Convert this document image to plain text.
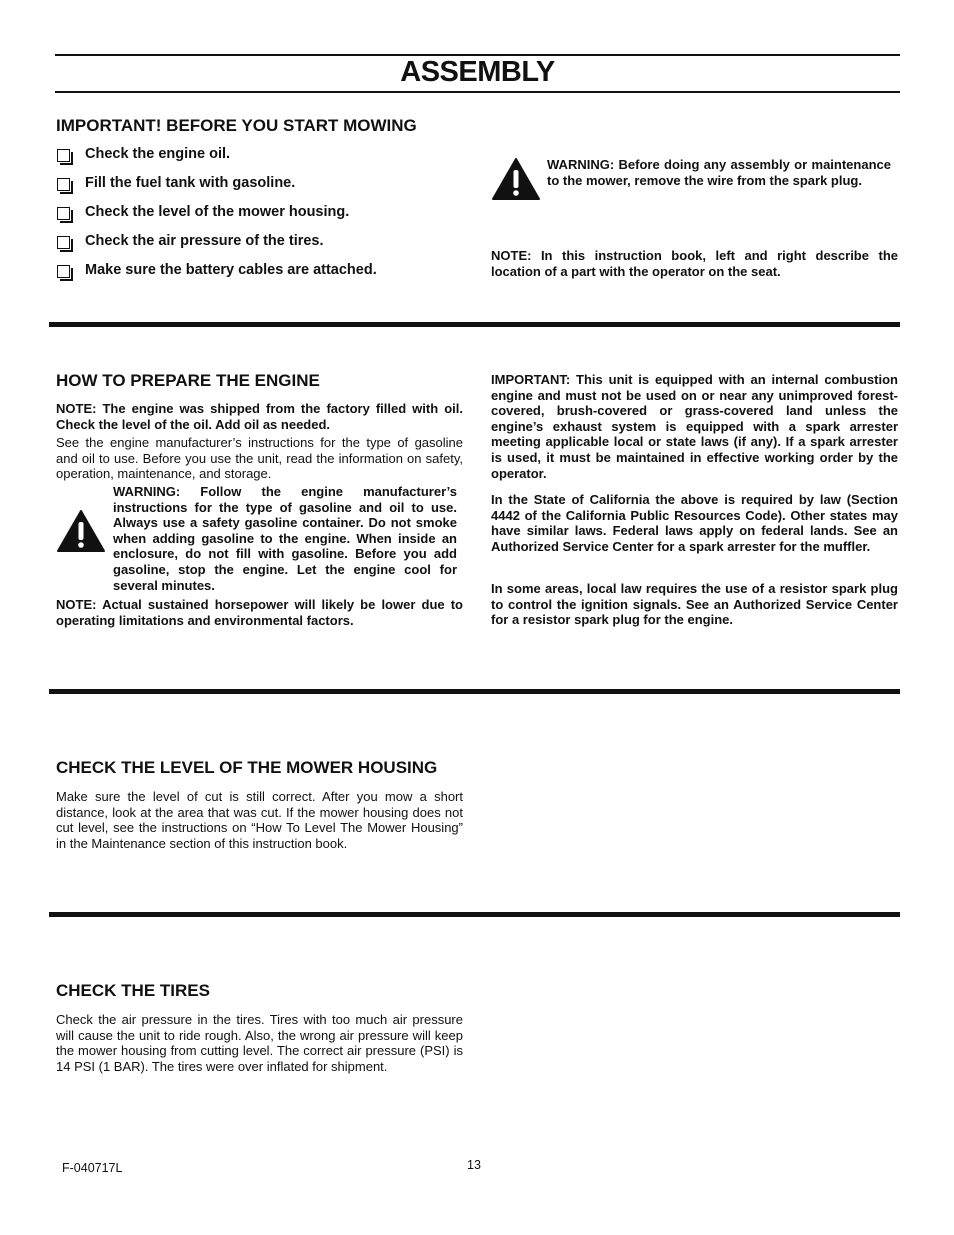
ASSEMBLY
IMPORTANT! BEFORE YOU START MOWING
Check the engine oil.
Fill the fuel tank with gasoline.
Check the level of the mower housing.
Check the air pressure of the tires.
Make sure the battery cables are attached.
WARNING: Before doing any assembly or maintenance to the mower, remove the wire from the spark plug.
NOTE: In this instruction book, left and right describe the location of a part with the operator on the seat.
HOW TO PREPARE THE ENGINE
NOTE: The engine was shipped from the factory filled with oil. Check the level of the oil. Add oil as needed.
See the engine manufacturer’s instructions for the type of gasoline and oil to use. Before you use the unit, read the information on safety, operation, maintenance, and storage.
WARNING: Follow the engine manufacturer’s instructions for the type of gasoline and oil to use. Always use a safety gasoline container. Do not smoke when adding gasoline to the engine. When inside an enclosure, do not fill with gasoline. Before you add gasoline, stop the engine. Let the engine cool for several minutes.
NOTE: Actual sustained horsepower will likely be lower due to operating limitations and environmental factors.
IMPORTANT: This unit is equipped with an internal combustion engine and must not be used on or near any unimproved forest-covered, brush-covered or grass-covered land unless the engine’s exhaust system is equipped with a spark arrester meeting applicable local or state laws (if any). If a spark arrester is used, it must be maintained in effective working order by the operator.
In the State of California the above is required by law (Section 4442 of the California Public Resources Code). Other states may have similar laws. Federal laws apply on federal lands. See an Authorized Service Center for a spark arrester for the muffler.
In some areas, local law requires the use of a resistor spark plug to control the ignition signals. See an Authorized Service Center for a resistor spark plug for the engine.
CHECK THE LEVEL OF THE MOWER HOUSING
Make sure the level of cut is still correct. After you mow a short distance, look at the area that was cut. If the mower housing does not cut level, see the instructions on “How To Level The Mower Housing” in the Maintenance section of this instruction book.
CHECK THE TIRES
Check the air pressure in the tires. Tires with too much air pressure will cause the unit to ride rough. Also, the wrong air pressure will keep the mower housing from cutting level. The correct air pressure (PSI) is 14 PSI (1 BAR). The tires were over inflated for shipment.
F-040717L	13
